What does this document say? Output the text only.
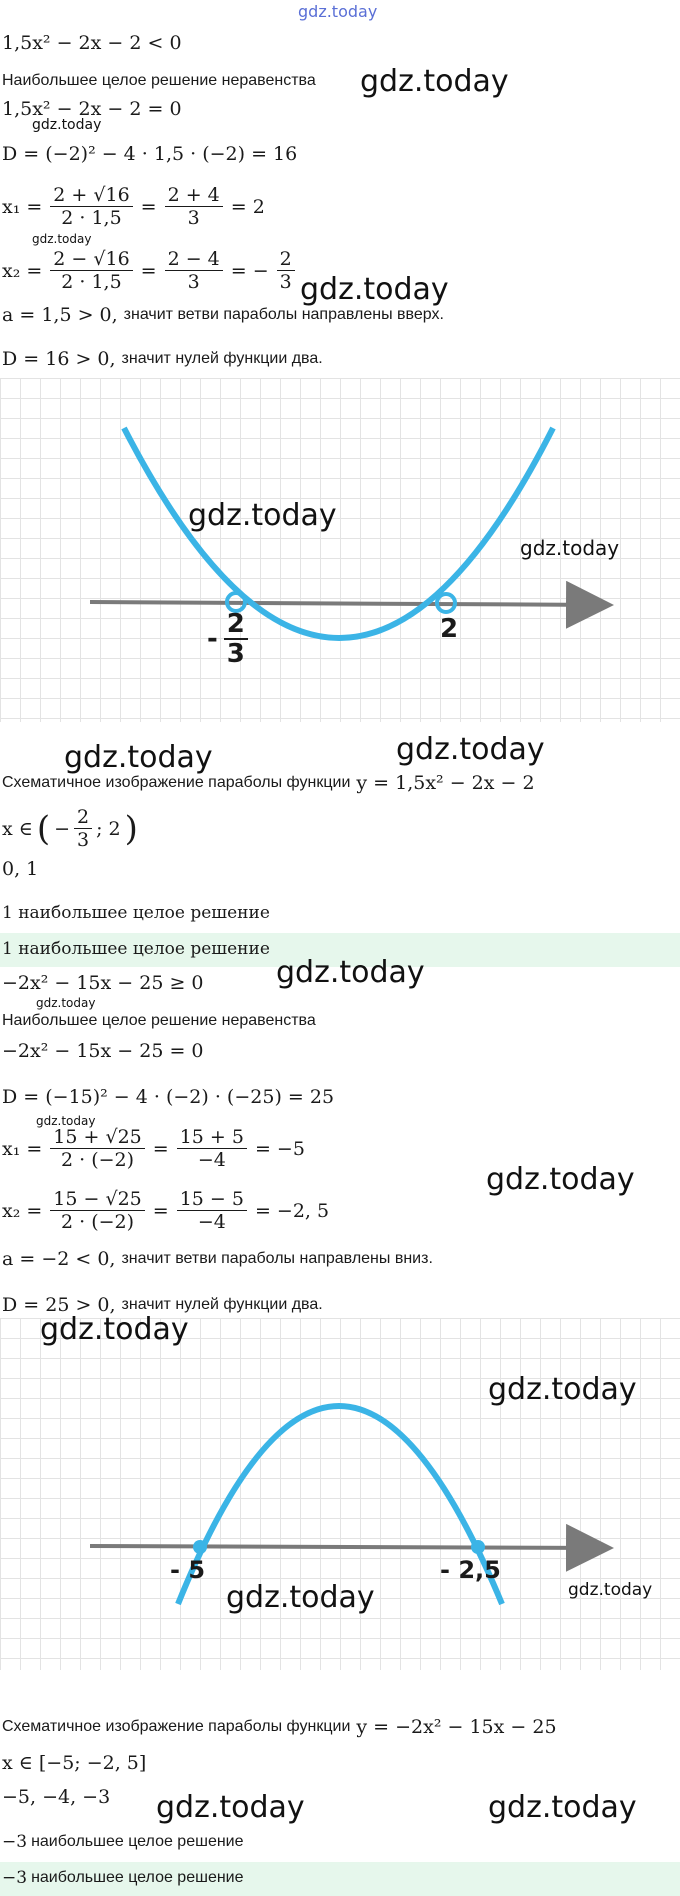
gdz.today
1,5x² − 2x − 2 < 0
Наибольшее целое решение неравенства gdz.today
1,5x² − 2x − 2 = 0
gdz.today
D = (−2)² − 4 · 1,5 · (−2) = 16
$x_1 = \frac{2 + √16}{2 \cdot 1,5} = \frac{2 + 4}{3} = 2$
gdz.today
$x_2 = \frac{2 - √16}{2 \cdot 1,5} = \frac{2 - 4}{3}$ = − $\frac{2}{3}$ gdz.today
a = 1,5 > 0, значит ветви параболы направлены вверх.
D = 16 > 0, значит нулей функции два.
- $\frac{2}{3}$	2
gdz.today
gdz.today
gdz.today	gdz.today
Схематичное изображение параболы функции y = 1,5x² − 2x − 2
x ∈ ( − $\frac{2}{3}$ ; 2 )
0, 1
1 наибольшее целое решение
1 наибольшее целое решение
gdz.today
−2x² − 15x − 25 ≥ 0
gdz.today
Наибольшее целое решение неравенства
−2x² − 15x − 25 = 0
D = (−15)² − 4 · (−2) · (−25) = 25
gdz.today
$x_1 = \frac{15 + √25}{2 \cdot (-2)} = \frac{15 + 5}{-4} = -5$
gdz.today
$x_2 = \frac{15 - √25}{2 \cdot (-2)} = \frac{15 - 5}{-4} = -2$, 5
a = −2 < 0, значит ветви параболы направлены вниз.
D = 25 > 0, значит нулей функции два.
- 5	- 2,5
gdz.today
gdz.today
gdz.today	gdz.today
Схематичное изображение параболы функции y = −2x² − 15x − 25
x ∈ [−5; −2, 5]
−5, −4, −3 gdz.today	gdz.today
−3 наибольшее целое решение
−3 наибольшее целое решение
